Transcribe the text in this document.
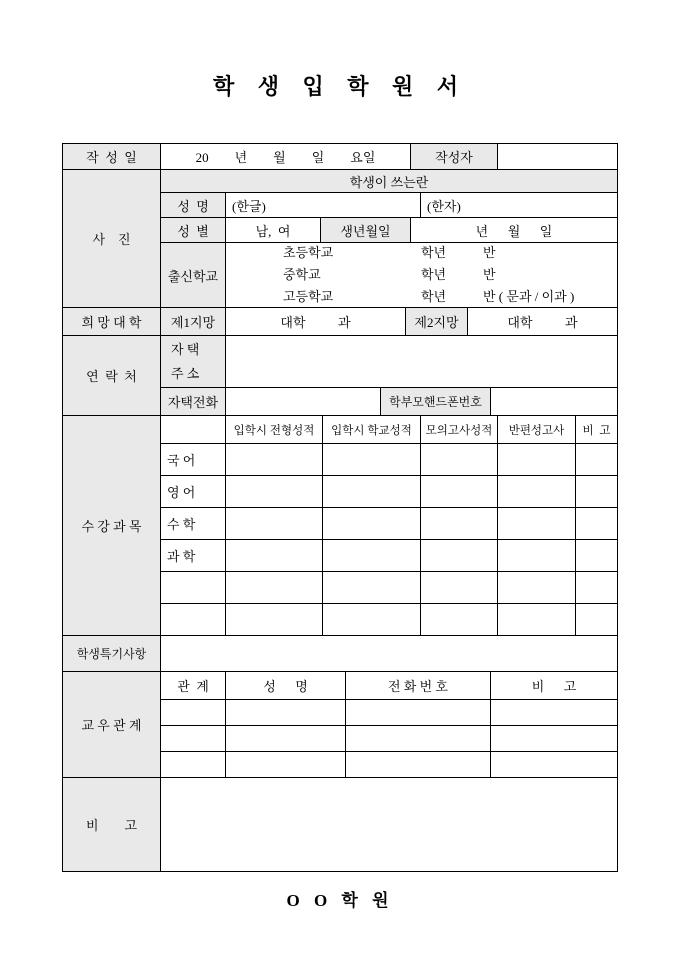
학 생 입 학 원 서
작  성  일	20        년        월        일        요일	작성자
사    진
학생이 쓰는란
성  명	(한글)	(한자)
성  별	남,  여	생년월일	년      월      일
출신학교
초등학교	학년	반
중학교	학년	반
고등학교	학년	반 ( 문과 / 이과 )
희 망 대 학	제1지망	대학          과	제2지망	대학          과
연  락  처
자 택
주 소
자택전화	학부모핸드폰번호
수 강 과 목
입학시 전형성적	입학시 학교성적	모의고사성적	반편성고사	비  고
국 어
영 어
수 학
과 학
학생특기사항
교 우 관 계
관  계	성      명	전 화 번 호	비      고
비        고
O O 학 원
